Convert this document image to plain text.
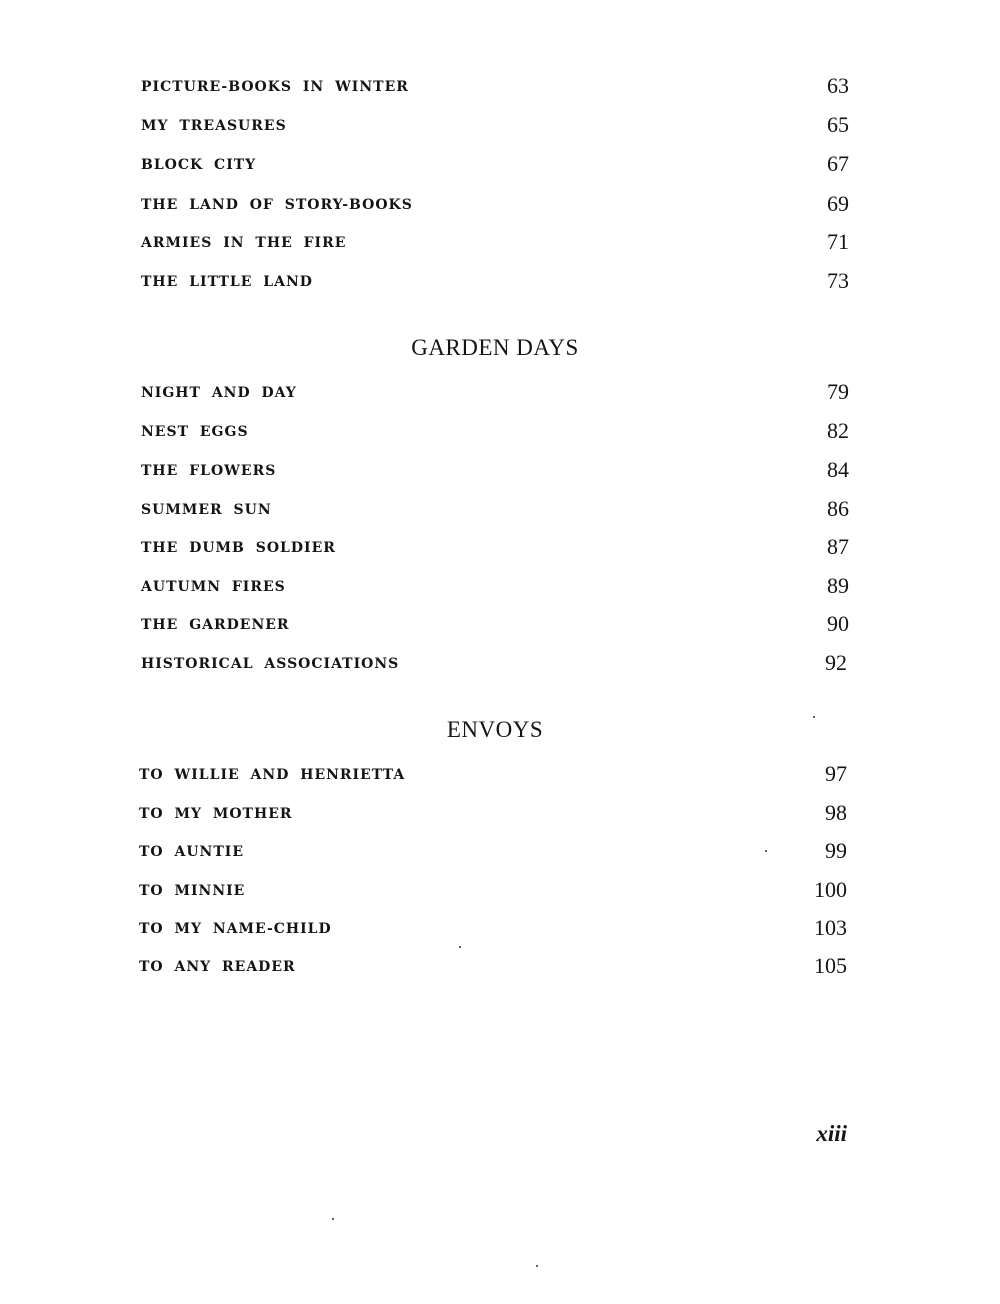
PICTURE-BOOKS IN WINTER	63
MY TREASURES	65
BLOCK CITY	67
THE LAND OF STORY-BOOKS	69
ARMIES IN THE FIRE	71
THE LITTLE LAND	73
GARDEN DAYS
NIGHT AND DAY	79
NEST EGGS	82
THE FLOWERS	84
SUMMER SUN	86
THE DUMB SOLDIER	87
AUTUMN FIRES	89
THE GARDENER	90
HISTORICAL ASSOCIATIONS	92
ENVOYS
TO WILLIE AND HENRIETTA	97
TO MY MOTHER	98
TO AUNTIE	99
TO MINNIE	100
TO MY NAME-CHILD	103
TO ANY READER	105
xiii
